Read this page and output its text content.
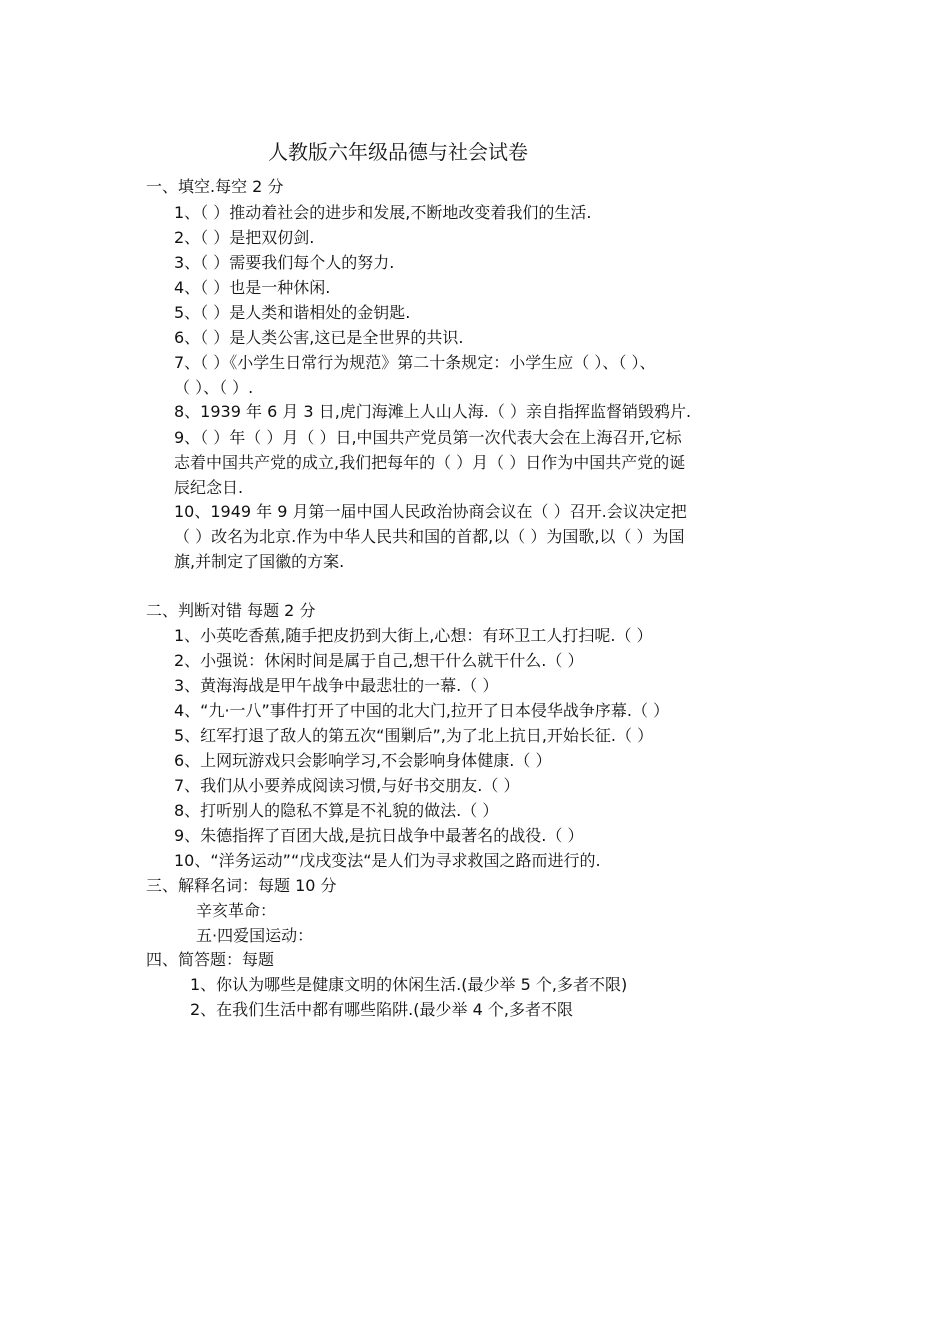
人教版六年级品德与社会试卷
一、填空.每空 2 分
1、（ ）推动着社会的进步和发展,不断地改变着我们的生活.
2、（ ）是把双仞剑.
3、（ ）需要我们每个人的努力.
4、（ ）也是一种休闲.
5、（ ）是人类和谐相处的金钥匙.
6、（ ）是人类公害,这已是全世界的共识.
7、（ ）《小学生日常行为规范》第二十条规定：小学生应（ ）、（ ）、
（ ）、（ ）.
8、1939 年 6 月 3 日,虎门海滩上人山人海.（ ）亲自指挥监督销毁鸦片.
9、（ ）年（ ）月（ ）日,中国共产党员第一次代表大会在上海召开,它标
志着中国共产党的成立,我们把每年的（ ）月（ ）日作为中国共产党的诞
辰纪念日.
10、1949 年 9 月第一届中国人民政治协商会议在（ ）召开.会议决定把
（ ）改名为北京.作为中华人民共和国的首都,以（ ）为国歌,以（ ）为国
旗,并制定了国徽的方案.
二、判断对错 每题 2 分
1、小英吃香蕉,随手把皮扔到大街上,心想：有环卫工人打扫呢.（ ）
2、小强说：休闲时间是属于自己,想干什么就干什么.（ ）
3、黄海海战是甲午战争中最悲壮的一幕.（ ）
4、“九·一八”事件打开了中国的北大门,拉开了日本侵华战争序幕.（ ）
5、红军打退了敌人的第五次“围剿后”,为了北上抗日,开始长征.（ ）
6、上网玩游戏只会影响学习,不会影响身体健康.（ ）
7、我们从小要养成阅读习惯,与好书交朋友.（ ）
8、打听别人的隐私不算是不礼貌的做法.（ ）
9、朱德指挥了百团大战,是抗日战争中最著名的战役.（ ）
10、“洋务运动”“戊戌变法“是人们为寻求救国之路而进行的.
三、解释名词：每题 10 分
辛亥革命：
五·四爱国运动：
四、简答题：每题
1、你认为哪些是健康文明的休闲生活.(最少举 5 个,多者不限)
2、在我们生活中都有哪些陷阱.(最少举 4 个,多者不限
